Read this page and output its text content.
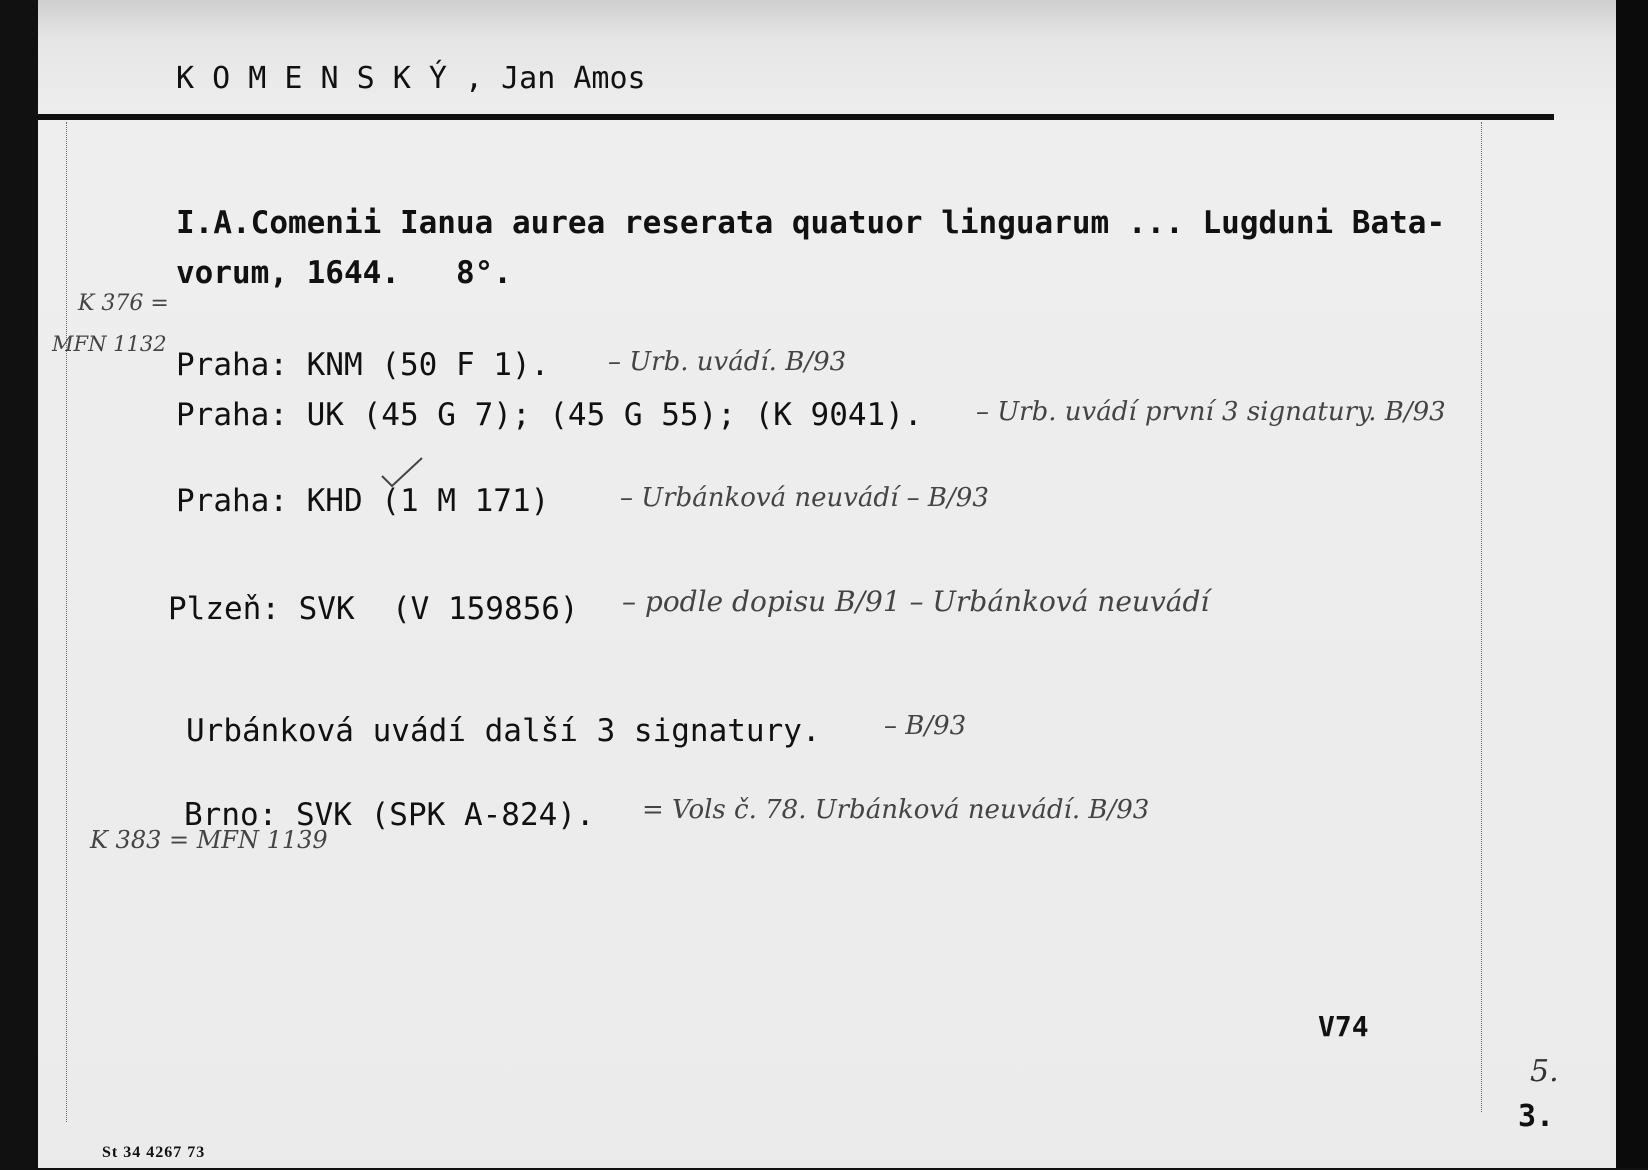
K O M E N S K Ý , Jan Amos
I.A.Comenii Ianua aurea reserata quatuor linguarum ... Lugduni Bata-
vorum, 1644.   8°.
K 376 =
MFN 1132
Praha: KNM (50 F 1). – Urb. uvádí. B/93
Praha: UK (45 G 7); (45 G 55); (K 9041). – Urb. uvádí první 3 signatury. B/93
Praha: KHD (1 M 171)	– Urbánková neuvádí – B/93
Plzeň: SVK  (V 159856) – podle dopisu B/91 – Urbánková neuvádí
Urbánková uvádí další 3 signatury. – B/93
Brno: SVK (SPK A-824). = Vols č. 78. Urbánková neuvádí. B/93
K 383 = MFN 1139
V74
5.
3.
St 34 4267 73
